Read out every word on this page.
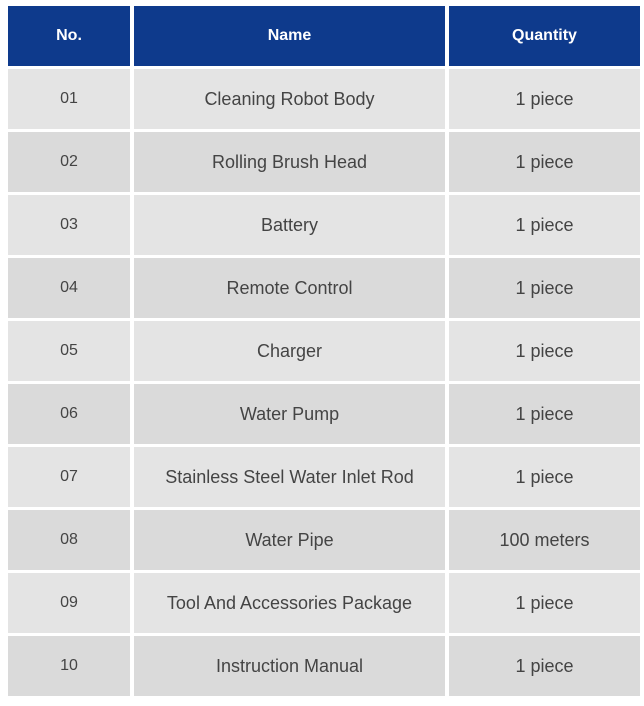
No.	Name	Quantity
01	Cleaning Robot Body	1 piece
02	Rolling Brush Head	1 piece
03	Battery	1 piece
04	Remote Control	1 piece
05	Charger	1 piece
06	Water Pump	1 piece
07	Stainless Steel Water Inlet Rod	1 piece
08	Water Pipe	100 meters
09	Tool And Accessories Package	1 piece
10	Instruction Manual	1 piece
